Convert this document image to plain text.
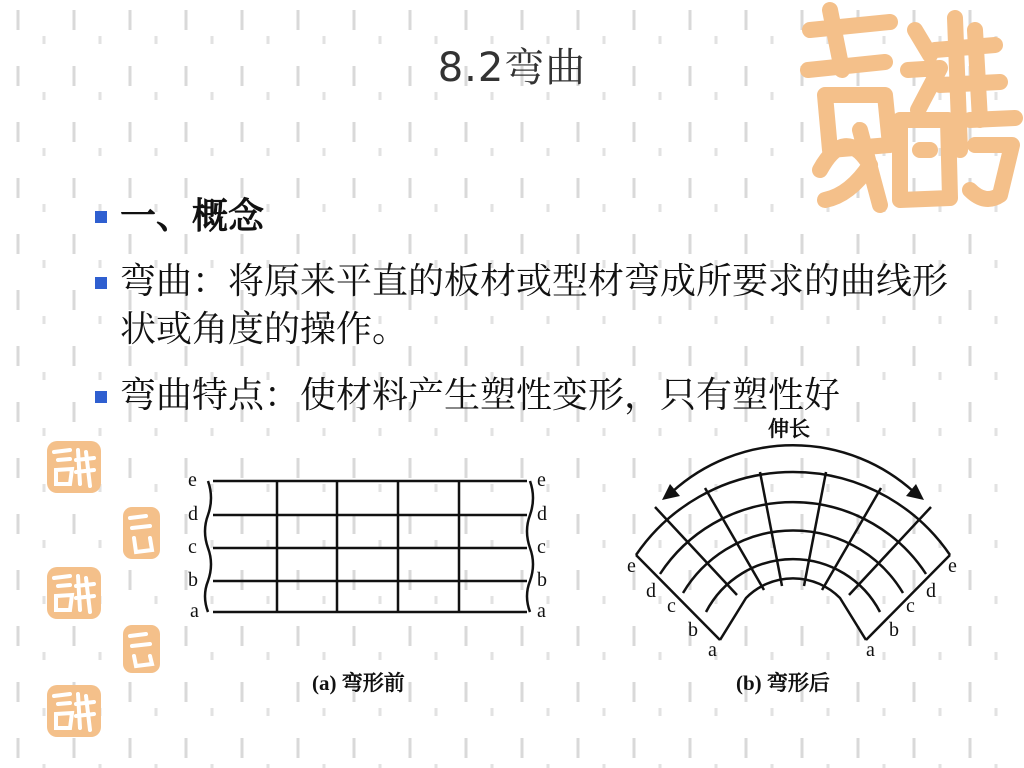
8.2弯曲
一、概念
弯曲：将原来平直的板材或型材弯成所要求的曲线形状或角度的操作。
弯曲特点：使材料产生塑性变形，只有塑性好
e
d
c
b
a
e
d
c
b
a
e
d
c
b
a
e
d
c
b
a
伸长
(a) 弯形前	(b) 弯形后
